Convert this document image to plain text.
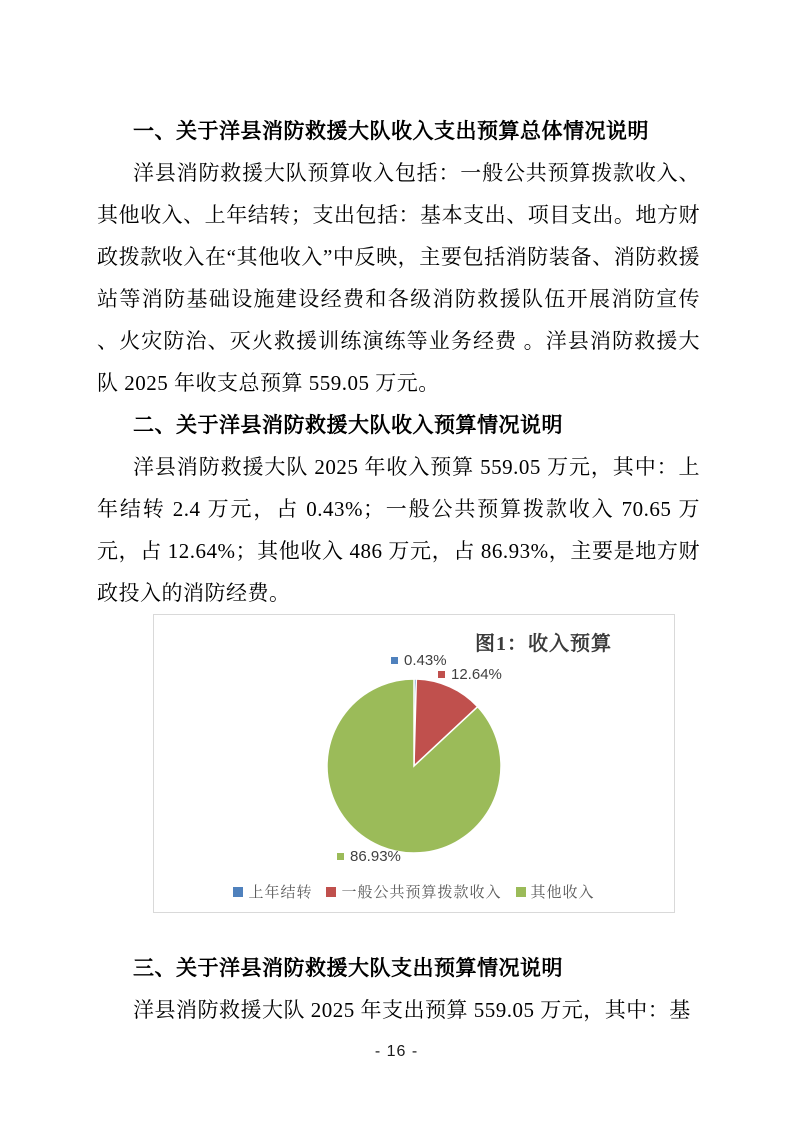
一、关于洋县消防救援大队收入支出预算总体情况说明

洋县消防救援大队预算收入包括：一般公共预算拨款收入、其他收入、上年结转；支出包括：基本支出、项目支出。地方财政拨款收入在“其他收入”中反映，主要包括消防装备、消防救援站等消防基础设施建设经费和各级消防救援队伍开展消防宣传 、火灾防治、灭火救援训练演练等业务经费 。洋县消防救援大队 2025 年收支总预算 559.05 万元。

二、关于洋县消防救援大队收入预算情况说明

洋县消防救援大队 2025 年收入预算 559.05 万元，其中：上年结转 2.4 万元，占 0.43%；一般公共预算拨款收入 70.65 万元，占 12.64%；其他收入 486 万元，占 86.93%，主要是地方财政投入的消防经费。

图1：收入预算
0.43%
12.64%
86.93%
上年结转 一般公共预算拨款收入 其他收入
三、关于洋县消防救援大队支出预算情况说明

洋县消防救援大队 2025 年支出预算 559.05 万元，其中：基

- 16 -
